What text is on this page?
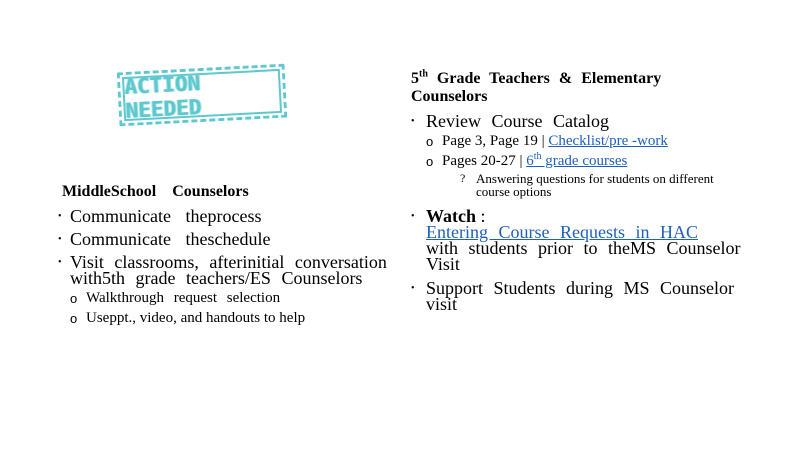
ACTION NEEDED
MiddleSchool Counselors
• Communicate theprocess
• Communicate theschedule
• Visit classrooms, afterinitial conversation with5th grade teachers/ES Counselors
o Walkthrough request selection
o Useppt., video, and handouts to help
5th Grade Teachers & Elementary Counselors
• Review Course Catalog
o Page 3, Page 19 | Checklist/pre -work
o Pages 20-27 | 6th grade courses
? Answering questions for students on different course options
• Watch :
Entering Course Requests in HAC
with students prior to theMS Counselor Visit
• Support Students during MS Counselor visit
